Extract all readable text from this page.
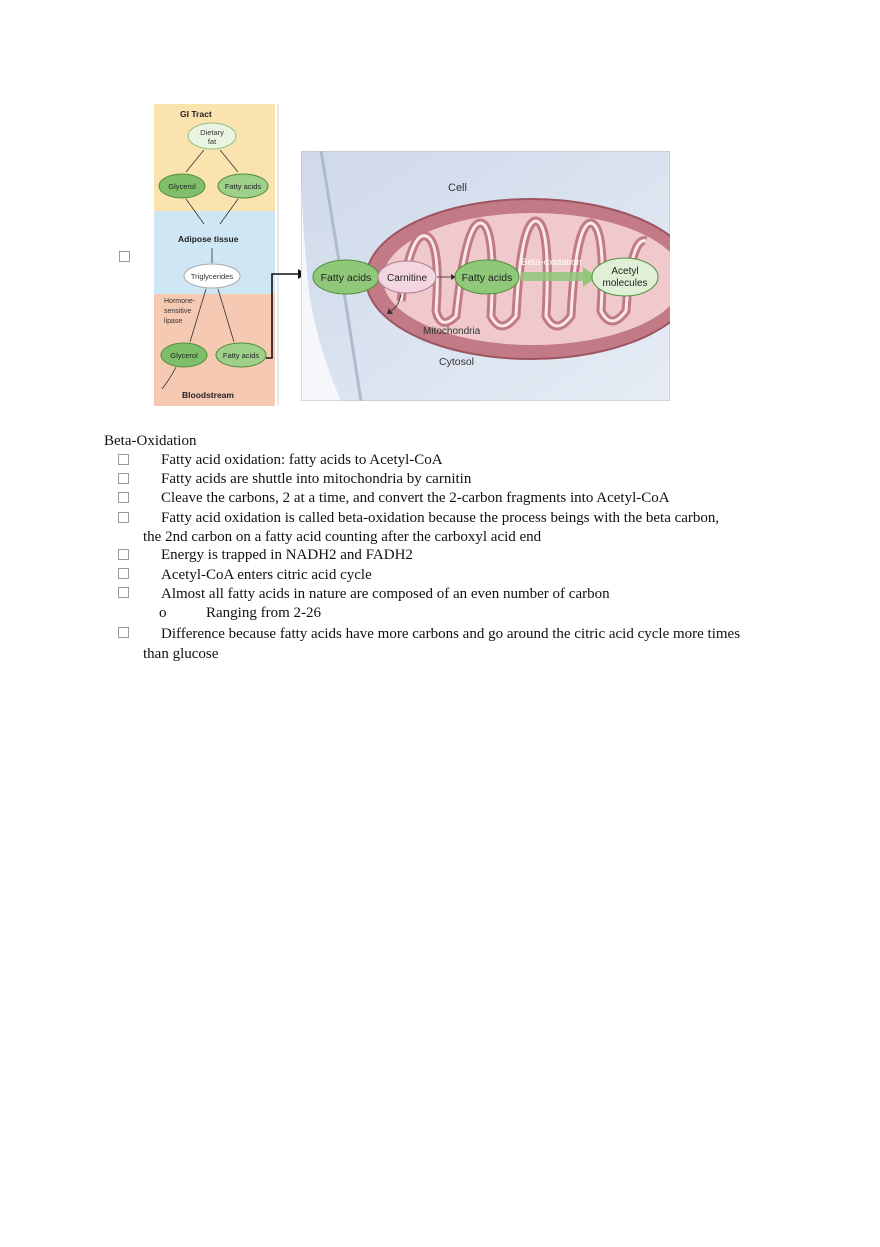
GI Tract
Dietary
fat
Glycerol	Fatty acids
Adipose tissue
Triglycerides
Hormone-
sensitive
lipase
Glycerol	Fatty acids
Bloodstream
Cell
Fatty acids Carnitine	Fatty acids
Beta-oxidation
Acetyl
molecules
Mitochondria
Cytosol
Beta-Oxidation
Fatty acid oxidation: fatty acids to Acetyl-CoA
Fatty acids are shuttle into mitochondria by carnitin
Cleave the carbons, 2 at a time, and convert the 2-carbon fragments into Acetyl-CoA
Fatty acid oxidation is called beta-oxidation because the process beings with the beta carbon,
the 2nd carbon on a fatty acid counting after the carboxyl acid end
Energy is trapped in NADH2 and FADH2
Acetyl-CoA enters citric acid cycle
Almost all fatty acids in nature are composed of an even number of carbon
o	Ranging from 2-26
Difference because fatty acids have more carbons and go around the citric acid cycle more times
than glucose
